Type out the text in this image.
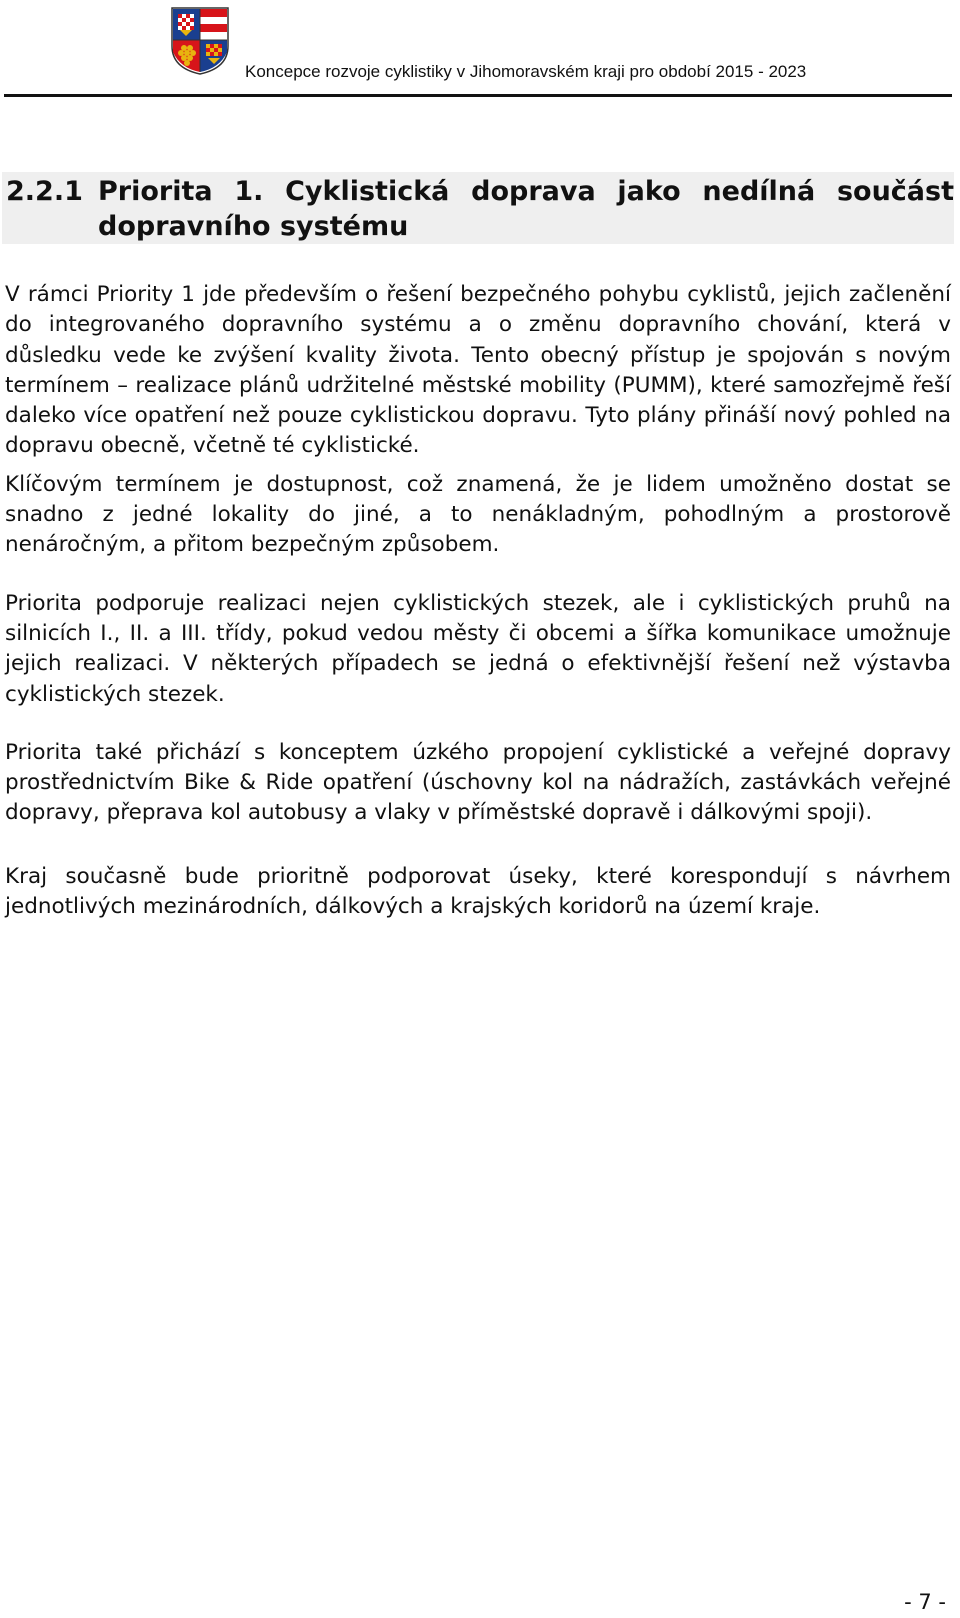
Koncepce rozvoje cyklistiky v Jihomoravském kraji pro období 2015 - 2023
2.2.1 Priorita 1. Cyklistická doprava jako nedílná součást dopravního systému

V rámci Priority 1 jde především o řešení bezpečného pohybu cyklistů, jejich začlenění do integrovaného dopravního systému a o změnu dopravního chování, která v důsledku vede ke zvýšení kvality života. Tento obecný přístup je spojován s novým termínem – realizace plánů udržitelné městské mobility (PUMM), které samozřejmě řeší daleko více opatření než pouze cyklistickou dopravu. Tyto plány přináší nový pohled na dopravu obecně, včetně té cyklistické.

Klíčovým termínem je dostupnost, což znamená, že je lidem umožněno dostat se snadno z jedné lokality do jiné, a to nenákladným, pohodlným a prostorově nenáročným, a přitom bezpečným způsobem.

Priorita podporuje realizaci nejen cyklistických stezek, ale i cyklistických pruhů na silnicích I., II. a III. třídy, pokud vedou městy či obcemi a šířka komunikace umožnuje jejich realizaci. V některých případech se jedná o efektivnější řešení než výstavba cyklistických stezek.

Priorita také přichází s konceptem úzkého propojení cyklistické a veřejné dopravy prostřednictvím Bike & Ride opatření (úschovny kol na nádražích, zastávkách veřejné dopravy, přeprava kol autobusy a vlaky v příměstské dopravě i dálkovými spoji).

Kraj současně bude prioritně podporovat úseky, které korespondují s návrhem jednotlivých mezinárodních, dálkových a krajských koridorů na území kraje.

- 7 -
